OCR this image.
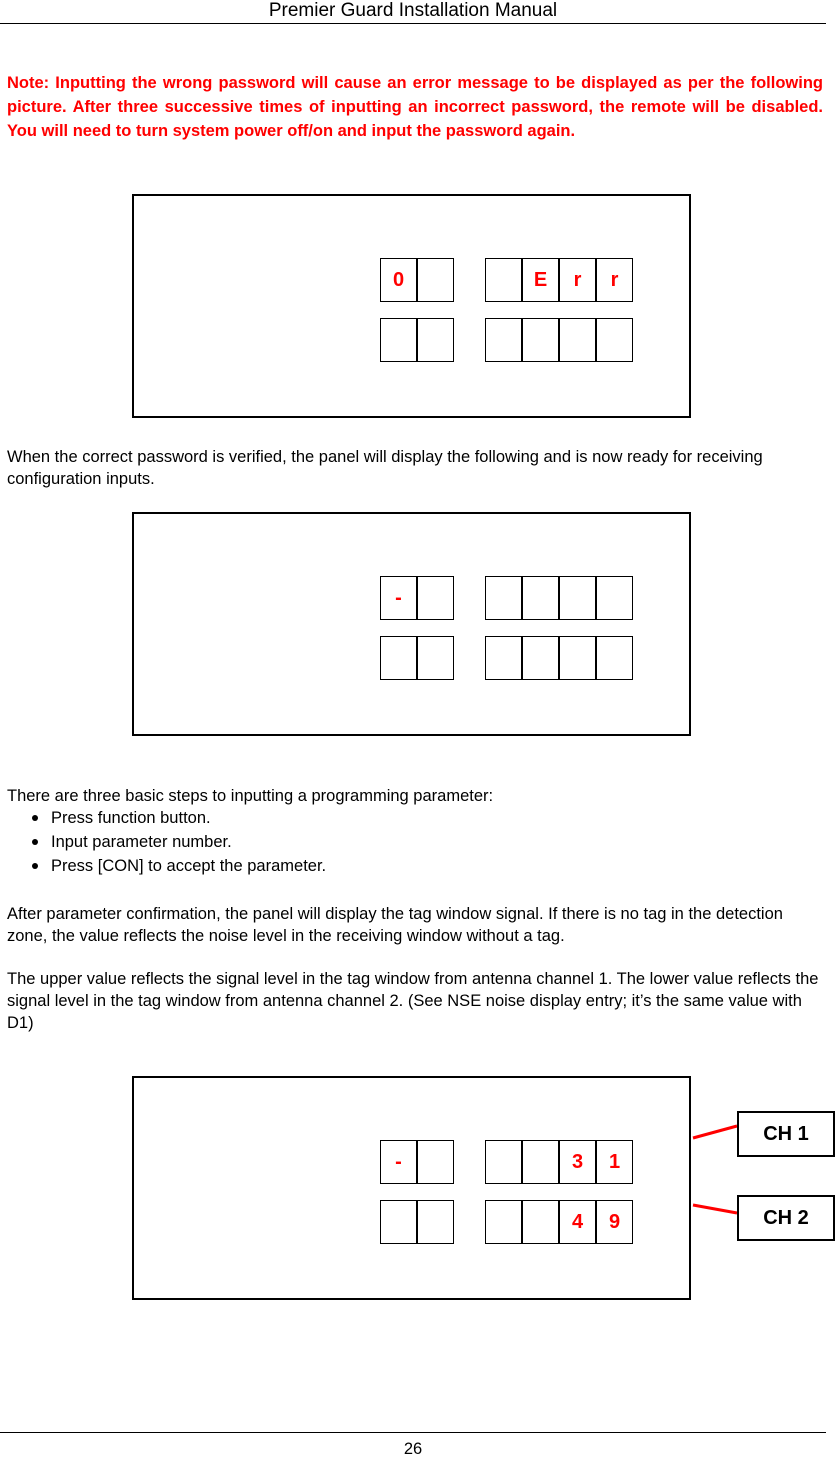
Premier Guard Installation Manual

Note: Inputting the wrong password will cause an error message to be displayed as per the following picture. After three successive times of inputting an incorrect password, the remote will be disabled. You will need to turn system power off/on and input the password again.

0	E	r	r

When the correct password is verified, the panel will display the following and is now ready for receiving configuration inputs.

-

There are three basic steps to inputting a programming parameter:

Press function button.
Input parameter number.
Press [CON] to accept the parameter.

After parameter confirmation, the panel will display the tag window signal. If there is no tag in the detection zone, the value reflects the noise level in the receiving window without a tag.

The upper value reflects the signal level in the tag window from antenna channel 1. The lower value reflects the signal level in the tag window from antenna channel 2. (See NSE noise display entry; it’s the same value with D1)

-	3	1
4	9
CH 1
CH 2
26
